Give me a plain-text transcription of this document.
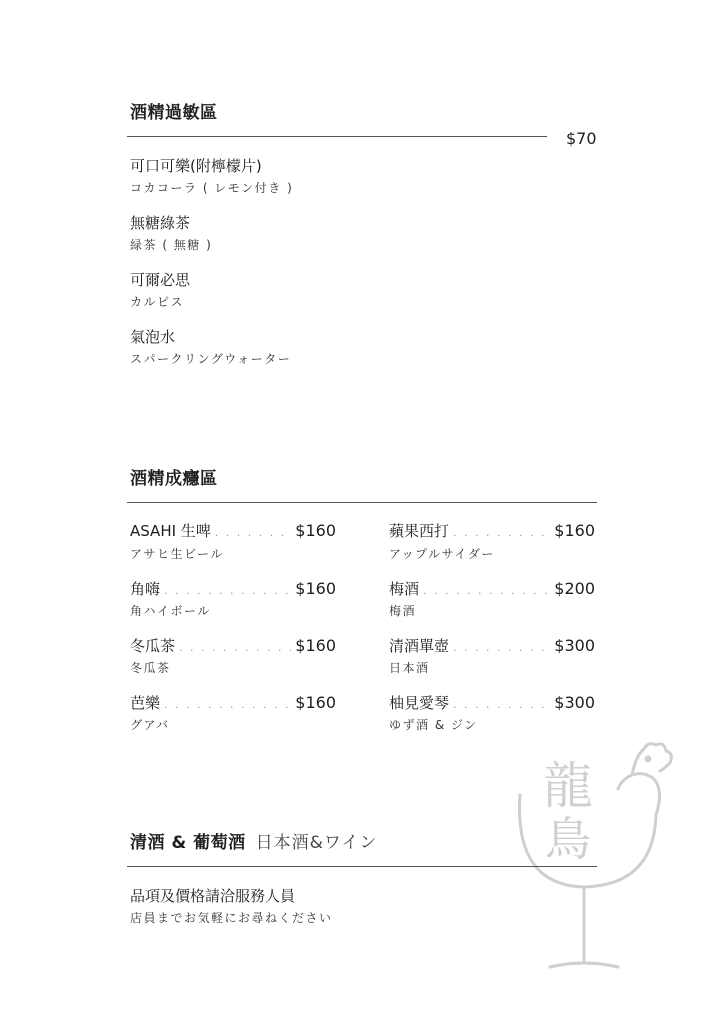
酒精過敏區
$70
可口可樂(附檸檬片)
コカコーラ ( レモン付き )
無糖綠茶
緑茶 ( 無糖 )
可爾必思
カルピス
氣泡水
スパークリングウォーター
酒精成癮區
ASAHI 生啤 . . .	$160
アサヒ生ビール
角嗨 . . .	$160
角ハイボール
冬瓜茶 . . .	$160
冬瓜茶
芭樂 . . .	$160
グアバ
蘋果西打 . . .	$160
アップルサイダー
梅酒 . . .	$200
梅酒
清酒單壺 . . .	$300
日本酒
柚見愛琴 . . .	$300
ゆず酒 & ジン
龍
鳥
清酒 & 葡萄酒 日本酒&ワイン
品項及價格請洽服務人員
店員までお気軽にお尋ねください
